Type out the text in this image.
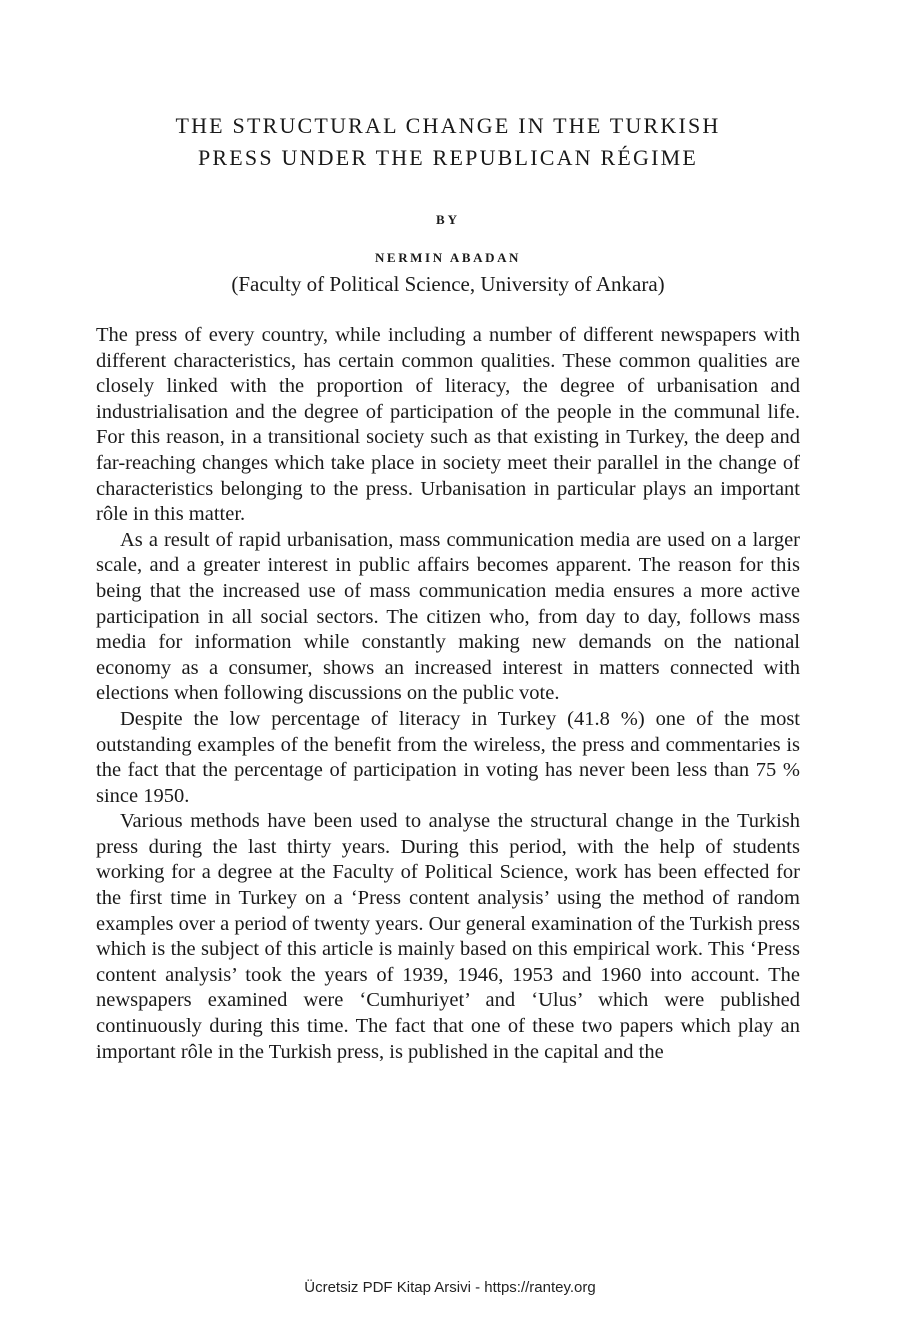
THE STRUCTURAL CHANGE IN THE TURKISH
PRESS UNDER THE REPUBLICAN RÉGIME
BY
NERMIN ABADAN
(Faculty of Political Science, University of Ankara)

The press of every country, while including a number of different newspapers with different characteristics, has certain common qualities. These common qualities are closely linked with the proportion of literacy, the degree of urbanisation and industrialisation and the degree of participation of the people in the communal life. For this reason, in a transitional society such as that existing in Turkey, the deep and far-reaching changes which take place in society meet their parallel in the change of characteristics belonging to the press. Urbanisation in particular plays an important rôle in this matter.

As a result of rapid urbanisation, mass communication media are used on a larger scale, and a greater interest in public affairs becomes apparent. The reason for this being that the increased use of mass communication media ensures a more active participation in all social sectors. The citizen who, from day to day, follows mass media for information while constantly making new demands on the national economy as a consumer, shows an increased interest in matters connected with elections when following discussions on the public vote.

Despite the low percentage of literacy in Turkey (41.8 %) one of the most outstanding examples of the benefit from the wireless, the press and commentaries is the fact that the percentage of participation in voting has never been less than 75 % since 1950.

Various methods have been used to analyse the structural change in the Turkish press during the last thirty years. During this period, with the help of students working for a degree at the Faculty of Political Science, work has been effected for the first time in Turkey on a ‘Press content analysis’ using the method of random examples over a period of twenty years. Our general examination of the Turkish press which is the subject of this article is mainly based on this empirical work. This ‘Press content analysis’ took the years of 1939, 1946, 1953 and 1960 into account. The newspapers examined were ‘Cumhuriyet’ and ‘Ulus’ which were published continuously during this time. The fact that one of these two papers which play an important rôle in the Turkish press, is published in the capital and the

Ücretsiz PDF Kitap Arsivi - https://rantey.org
